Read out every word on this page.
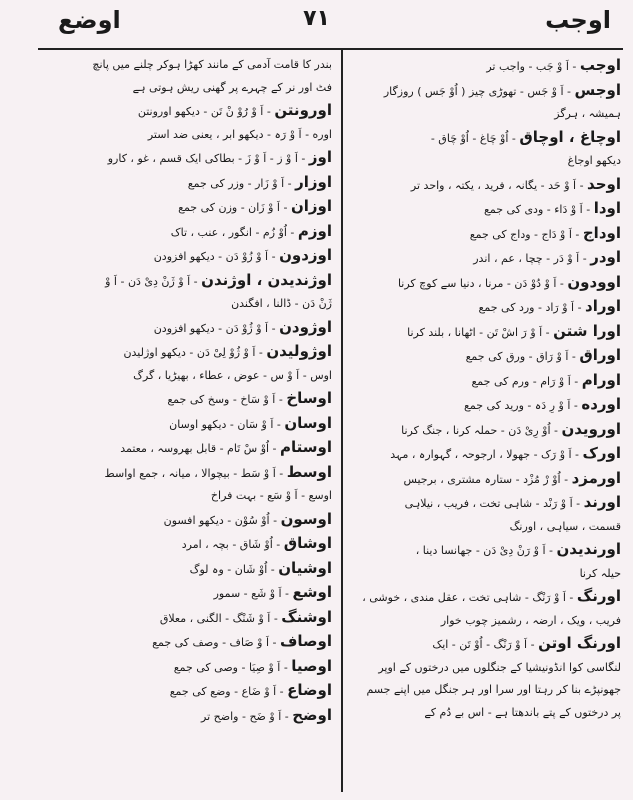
اوجب
۷۱
اوضع
اوجب - اَ وْ جَب - واجب تر
اوجس - اَ وْ جَس - تھوڑی چیز ( اُوْ جَس ) روزگار
ہمیشہ ، ہرگز
اوچاغ ، اوچاق - اُوْ چَاغ - اُوْ چَاق -
دیکھو اوجاغ
اوحد - اَ وْ حَد - یگانہ ، فرید ، یکتہ ، واحد تر
اودا - اَ وْ دَاء - ودی کی جمع
اوداج - اَ وْ دَاج - وداج کی جمع
اودر - اَ وْ دَر - چچا ، عم ، اندر
اوودون - اَ وْ دُوْ دَن - مرنا ، دنیا سے کوچ کرنا
اوراد - اَ وْ رَاد - ورد کی جمع
اورا شتن - اَ وْ رَ اشْ تَن - اٹھانا ، بلند کرنا
اوراق - اَ وْ رَاق - ورق کی جمع
اورام - اَ وْ رَام - ورم کی جمع
اورده - اَ وْ رِ دَہ - ورید کی جمع
اورویدن - اُوْ رِیْ دَن - حملہ کرنا ، جنگ کرنا
اورک - اَ وْ رَک - جھولا ، ارجوحہ ، گہوارہ ، مہد
اورمزد - اُوْ رْ مُزْد - ستارہ مشتری ، برجیس
اورند - اَ وْ رَنْد - شاہی تخت ، فریب ، نیلاہی
قسمت ، سیاہی ، اورنگ
اورندیدن - اَ وْ رَنْ دِیْ دَن - جھانسا دینا ،
حیلہ کرنا
اورنگ - اَ وْ رَنْگ - شاہی تخت ، عقل مندی ، خوشی ،
فریب ، ویک ، ارضہ ، رشمیز چوب خوار
اورنگ اوتن - اَ وْ رَنْگ - اُوْ تَن - ایک
لنگاسی کوا انڈونیشیا کے جنگلوں میں درختوں کے اوپر
جھونپڑے بنا کر رہتا اور سرا اور ہر جنگل میں اپنے جسم
پر درختوں کے پتے باندھتا ہے - اس بے دُم کے
بندر کا قامت آدمی کے مانند کھڑا ہوکر چلنے میں پانچ
فٹ اور نر کے چہرے پر گھنی ریش ہوتی ہے
اورونتن - اَ وْ رُوْ نْ تَن - دیکھو اورونتن
اوره - اَ وْ رَہ - دیکھو ابر ، یعنی ضد استر
اوز - اَ وْ ز - اَ وْ زَ - بطاکی ایک قسم ، غو ، کارو
اوزار - اَ وْ زَار - وزر کی جمع
اوزان - اَ وْ زَان - وزن کی جمع
اوزم - اُوْ زُم - انگور ، عنب ، تاک
اوزدون - اَ وْ زُوْ دَن - دیکھو افزودن
اوژندیدن ، اوژندن - اَ وْ ژَنْ دِیْ دَن - اَ وْ
ژَنْ دَن - ڈالنا ، افگندن
اوژودن - اَ وْ ژُوْ دَن - دیکھو افزودن
اوژولیدن - اَ وْ ژُوْ لِیْ دَن - دیکھو اوژلیدن
اوس - اَ وْ س - عوض ، عطاء ، بھیڑیا ، گرگ
اوساخ - اَ وْ سَاخ - وسخ کی جمع
اوسان - اَ وْ سَان - دیکھو اوسان
اوستام - اُوْ سْ تَام - قابل بھروسہ ، معتمد
اوسط - اَ وْ سَط - بیچوالا ، میانہ ، جمع اواسط
اوسع - اَ وْ سَع - بہت فراخ
اوسون - اُوْ سُوْن - دیکھو افسون
اوشاق - اُوْ شَاق - بچہ ، امرد
اوشیان - اُوْ شَان - وہ لوگ
اوشع - اَ وْ شَع - سمور
اوشنگ - اَ وْ شَنْگ - الگنی ، معلاق
اوصاف - اَ وْ صَاف - وصف کی جمع
اوصیا - اَ وْ صِیَا - وصی کی جمع
اوضاع - اَ وْ ضَاع - وضع کی جمع
اوضح - اَ وْ ضَح - واضح تر
